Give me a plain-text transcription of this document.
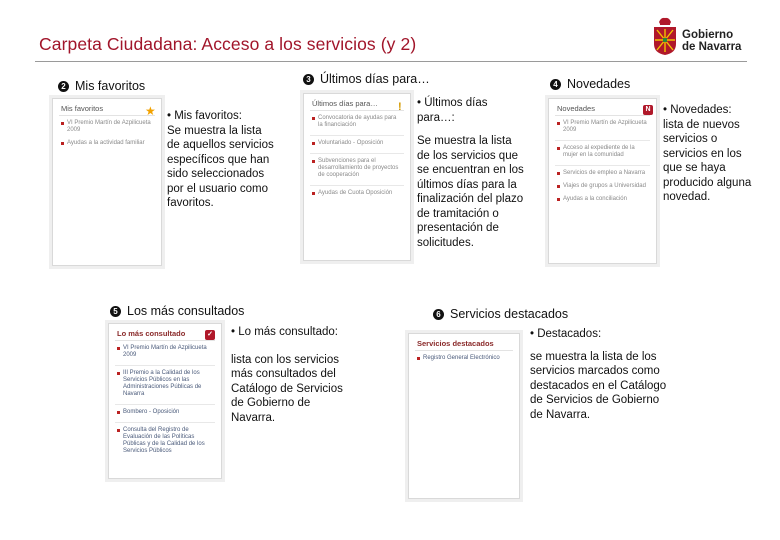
Carpeta Ciudadana: Acceso a los servicios (y 2)	Gobierno
de Navarra
2 Mis favoritos
Mis favoritos	★
VI Premio Martín de Azpilicueta 2009
Ayudas a la actividad familiar
• Mis favoritos:
Se muestra la lista de aquellos servicios específicos que han sido seleccionados por el usuario como favoritos.
3 Últimos días para…
Últimos días para…	!
Convocatoria de ayudas para la financiación
Voluntariado - Oposición
Subvenciones para el desarrollamiento de proyectos de cooperación
Ayudas de Cuota Oposición
• Últimos días para…:
Se muestra la lista de los servicios que se encuentran en los últimos días para la finalización del plazo de tramitación o presentación de solicitudes.
4 Novedades
Novedades	N
VI Premio Martín de Azpilicueta 2009
Acceso al expediente de la mujer en la comunidad
Servicios de empleo a Navarra
Viajes de grupos a Universidad
Ayudas a la conciliación
• Novedades:
lista de nuevos servicios o servicios en los que se haya producido alguna novedad.
5 Los más consultados
Lo más consultado	✓
VI Premio Martín de Azpilicueta 2009
III Premio a la Calidad de los Servicios Públicos en las Administraciones Públicas de Navarra
Bombero - Oposición
Consulta del Registro de Evaluación de las Políticas Públicas y de la Calidad de los Servicios Públicos
• Lo más consultado:
lista con los servicios más consultados del Catálogo de Servicios de Gobierno de Navarra.
6 Servicios destacados
Servicios destacados
Registro General Electrónico
• Destacados:
se muestra la lista de los servicios marcados como destacados en el Catálogo de Servicios de Gobierno de Navarra.
